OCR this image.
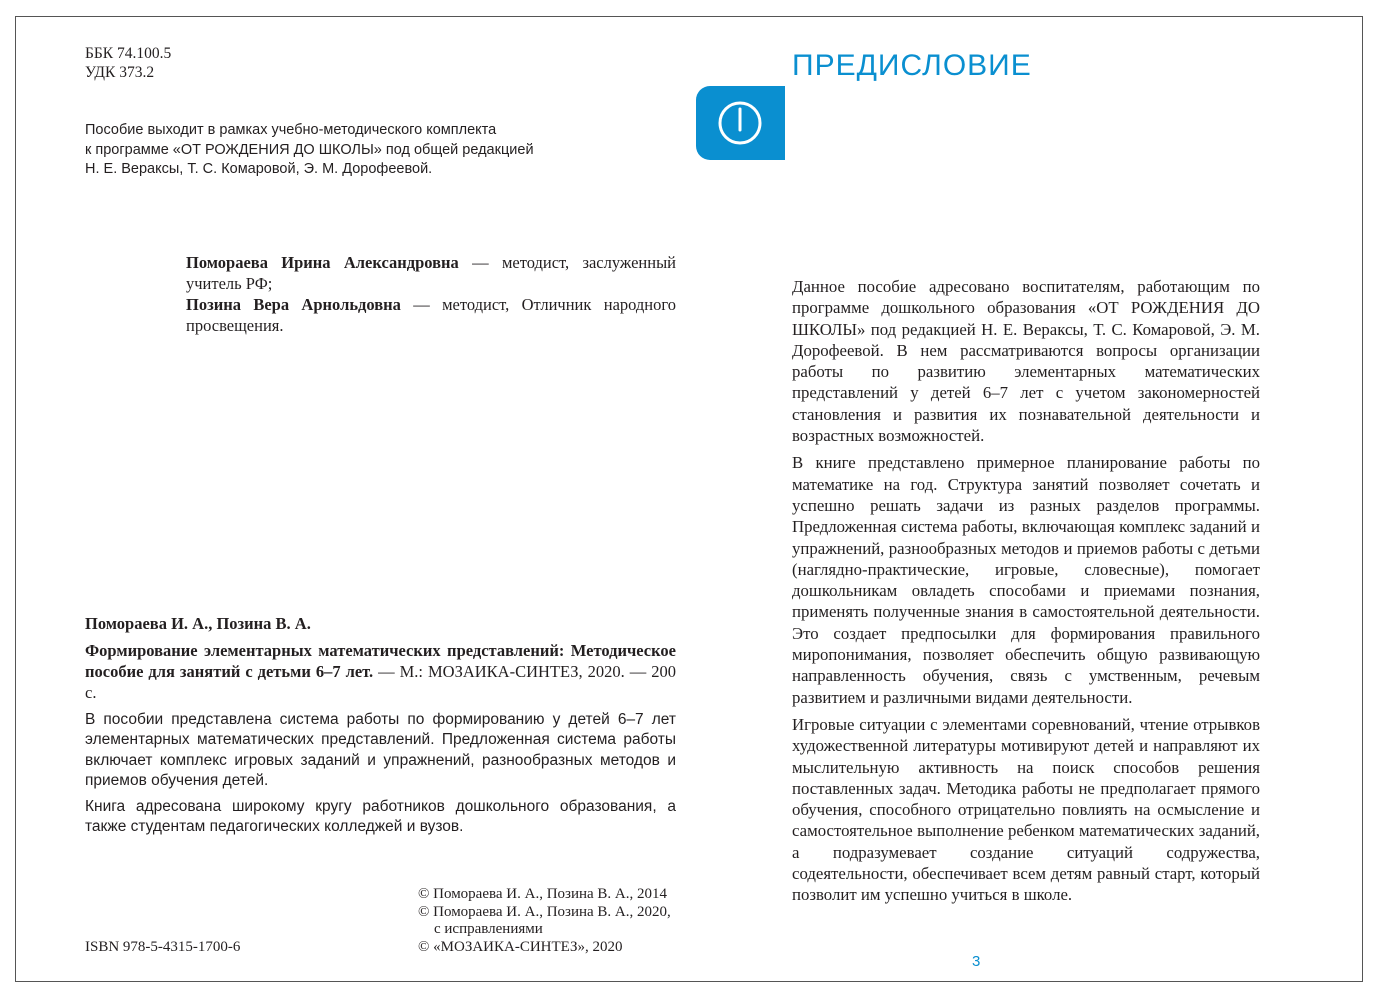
ББК 74.100.5
УДК 373.2
Пособие выходит в рамках учебно-методического комплекта
к программе «ОТ РОЖДЕНИЯ ДО ШКОЛЫ» под общей редакцией
Н. Е. Вераксы, Т. С. Комаровой, Э. М. Дорофеевой.

Помораева Ирина Александровна — методист, заслуженный учитель РФ;

Позина Вера Арнольдовна — методист, Отличник народного просвещения.

Помораева И. А., Позина В. А.

Формирование элементарных математических представлений: Методическое пособие для занятий с детьми 6–7 лет. — М.: МОЗАИКА-СИНТЕЗ, 2020. — 200 с.

В пособии представлена система работы по формированию у детей 6–7 лет элементарных математических представлений. Предложенная система работы включает комплекс игровых заданий и упражнений, разнообразных методов и приемов обучения детей.

Книга адресована широкому кругу работников дошкольного образования, а также студентам педагогических колледжей и вузов.

© Помораева И. А., Позина В. А., 2014
© Помораева И. А., Позина В. А., 2020,
с исправлениями
© «МОЗАИКА-СИНТЕЗ», 2020
ISBN 978-5-4315-1700-6
ПРЕДИСЛОВИЕ

Данное пособие адресовано воспитателям, работающим по программе дошкольного образования «ОТ РОЖДЕНИЯ ДО ШКОЛЫ» под редакцией Н. Е. Вераксы, Т. С. Комаровой, Э. М. Дорофеевой. В нем рассматриваются вопросы организации работы по развитию элементарных математических представлений у детей 6–7 лет с учетом закономерностей становления и развития их познавательной деятельности и возрастных возможностей.

В книге представлено примерное планирование работы по математике на год. Структура занятий позволяет сочетать и успешно решать задачи из разных разделов программы. Предложенная система работы, включающая комплекс заданий и упражнений, разнообразных методов и приемов работы с детьми (наглядно-практические, игровые, словесные), помогает дошкольникам овладеть способами и приемами познания, применять полученные знания в самостоятельной деятельности. Это создает предпосылки для формирования правильного миропонимания, позволяет обеспечить общую развивающую направленность обучения, связь с умственным, речевым развитием и различными видами деятельности.

Игровые ситуации с элементами соревнований, чтение отрывков художественной литературы мотивируют детей и направляют их мыслительную активность на поиск способов решения поставленных задач. Методика работы не предполагает прямого обучения, способного отрицательно повлиять на осмысление и самостоятельное выполнение ребенком математических заданий, а подразумевает создание ситуаций содружества, содеятельности, обеспечивает всем детям равный старт, который позволит им успешно учиться в школе.

3
